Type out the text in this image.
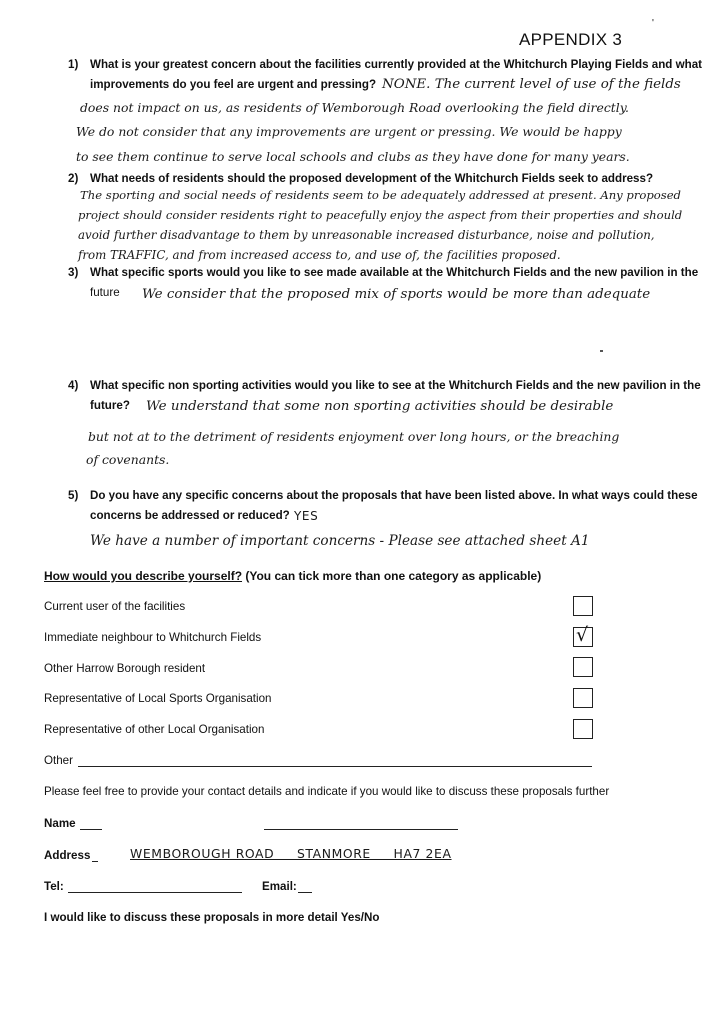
APPENDIX 3
'
1) What is your greatest concern about the facilities currently provided at the Whitchurch Playing Fields and what
improvements do you feel are urgent and pressing? NONE. The current level of use of the fields
does not impact on us, as residents of Wemborough Road overlooking the field directly.
We do not consider that any improvements are urgent or pressing. We would be happy
to see them continue to serve local schools and clubs as they have done for many years.
2) What needs of residents should the proposed development of the Whitchurch Fields seek to address?
The sporting and social needs of residents seem to be adequately addressed at present. Any proposed
project should consider residents right to peacefully enjoy the aspect from their properties and should
avoid further disadvantage to them by unreasonable increased disturbance, noise and pollution,
from TRAFFIC, and from increased access to, and use of, the facilities proposed.
3) What specific sports would you like to see made available at the Whitchurch Fields and the new pavilion in the
future We consider that the proposed mix of sports would be more than adequate
4) What specific non sporting activities would you like to see at the Whitchurch Fields and the new pavilion in the
future? We understand that some non sporting activities should be desirable
but not at to the detriment of residents enjoyment over long hours, or the breaching
of covenants.
5) Do you have any specific concerns about the proposals that have been listed above. In what ways could these
concerns be addressed or reduced? YES
We have a number of important concerns - Please see attached sheet A1
How would you describe yourself? (You can tick more than one category as applicable)
Current user of the facilities
Immediate neighbour to Whitchurch Fields	√
Other Harrow Borough resident
Representative of Local Sports Organisation
Representative of other Local Organisation
Other
Please feel free to provide your contact details and indicate if you would like to discuss these proposals further
Name
Address	WEMBOROUGH ROAD     STANMORE     HA7 2EA
Tel:	Email:
I would like to discuss these proposals in more detail Yes/No
